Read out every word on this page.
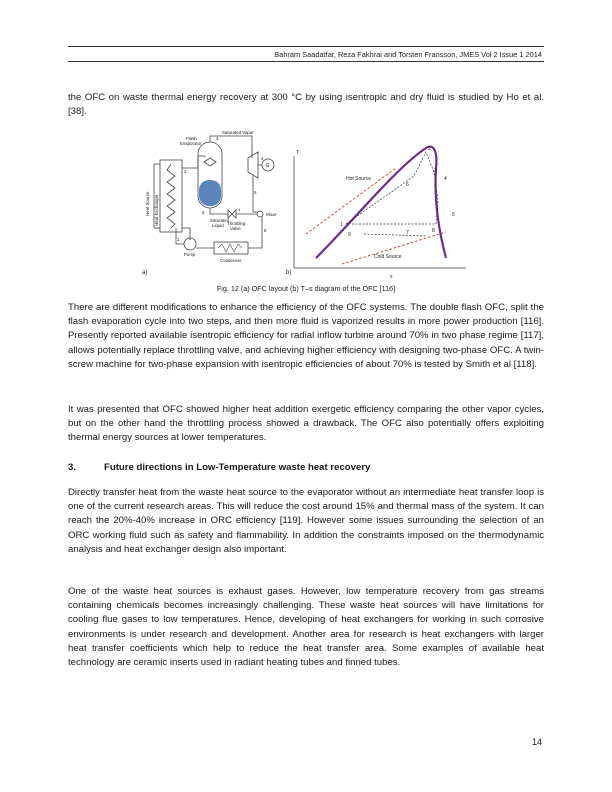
Bahram Saadatfar, Reza Fakhrai and Torsten Fransson, JMES Vol 2 Issue 1 2014

the OFC on waste thermal energy recovery at 300 °C by using isentropic and dry fluid is studied by Ho et al. [38].

G
Heat Source Heat Exchanger
Flash
Evaporator
Saturated Vapor
Saturated
Liquid Throttling
Valve
Mixer
Pump
Condenser
1
2
3
4
5
6	7
8
a)
T
s
Hot Source
Cold Source
1
2
3
4
5
6
7	8
9
b)
Fig. 12 (a) OFC layout (b) T–s diagram of the OFC [116]

There are different modifications to enhance the efficiency of the OFC systems. The double flash OFC, split the flash evaporation cycle into two steps, and then more fluid is vaporized results in more power production [116]. Presently reported available isentropic efficiency for radial inflow turbine around 70% in two phase regime [117], allows potentially replace throttling valve, and achieving higher efficiency with designing two-phase OFC. A twin-screw machine for two-phase expansion with isentropic efficiencies of about 70% is tested by Smith et al [118].

It was presented that OFC showed higher heat addition exergetic efficiency comparing the other vapor cycles, but on the other hand the throttling process showed a drawback. The OFC also potentially offers exploiting thermal energy sources at lower temperatures.

3.	Future directions in Low-Temperature waste heat recovery

Directly transfer heat from the waste heat source to the evaporator without an intermediate heat transfer loop is one of the current research areas. This will reduce the cost around 15% and thermal mass of the system. It can reach the 20%-40% increase in ORC efficiency [119]. However some issues surrounding the selection of an ORC working fluid such as safety and flammability. In addition the constraints imposed on the thermodynamic analysis and heat exchanger design also important.

One of the waste heat sources is exhaust gases. However, low temperature recovery from gas streams containing chemicals becomes increasingly challenging. These waste heat sources will have limitations for cooling flue gases to low temperatures. Hence, developing of heat exchangers for working in such corrosive environments is under research and development. Another area for research is heat exchangers with larger heat transfer coefficients which help to reduce the heat transfer area. Some examples of available heat technology are ceramic inserts used in radiant heating tubes and finned tubes.

14
